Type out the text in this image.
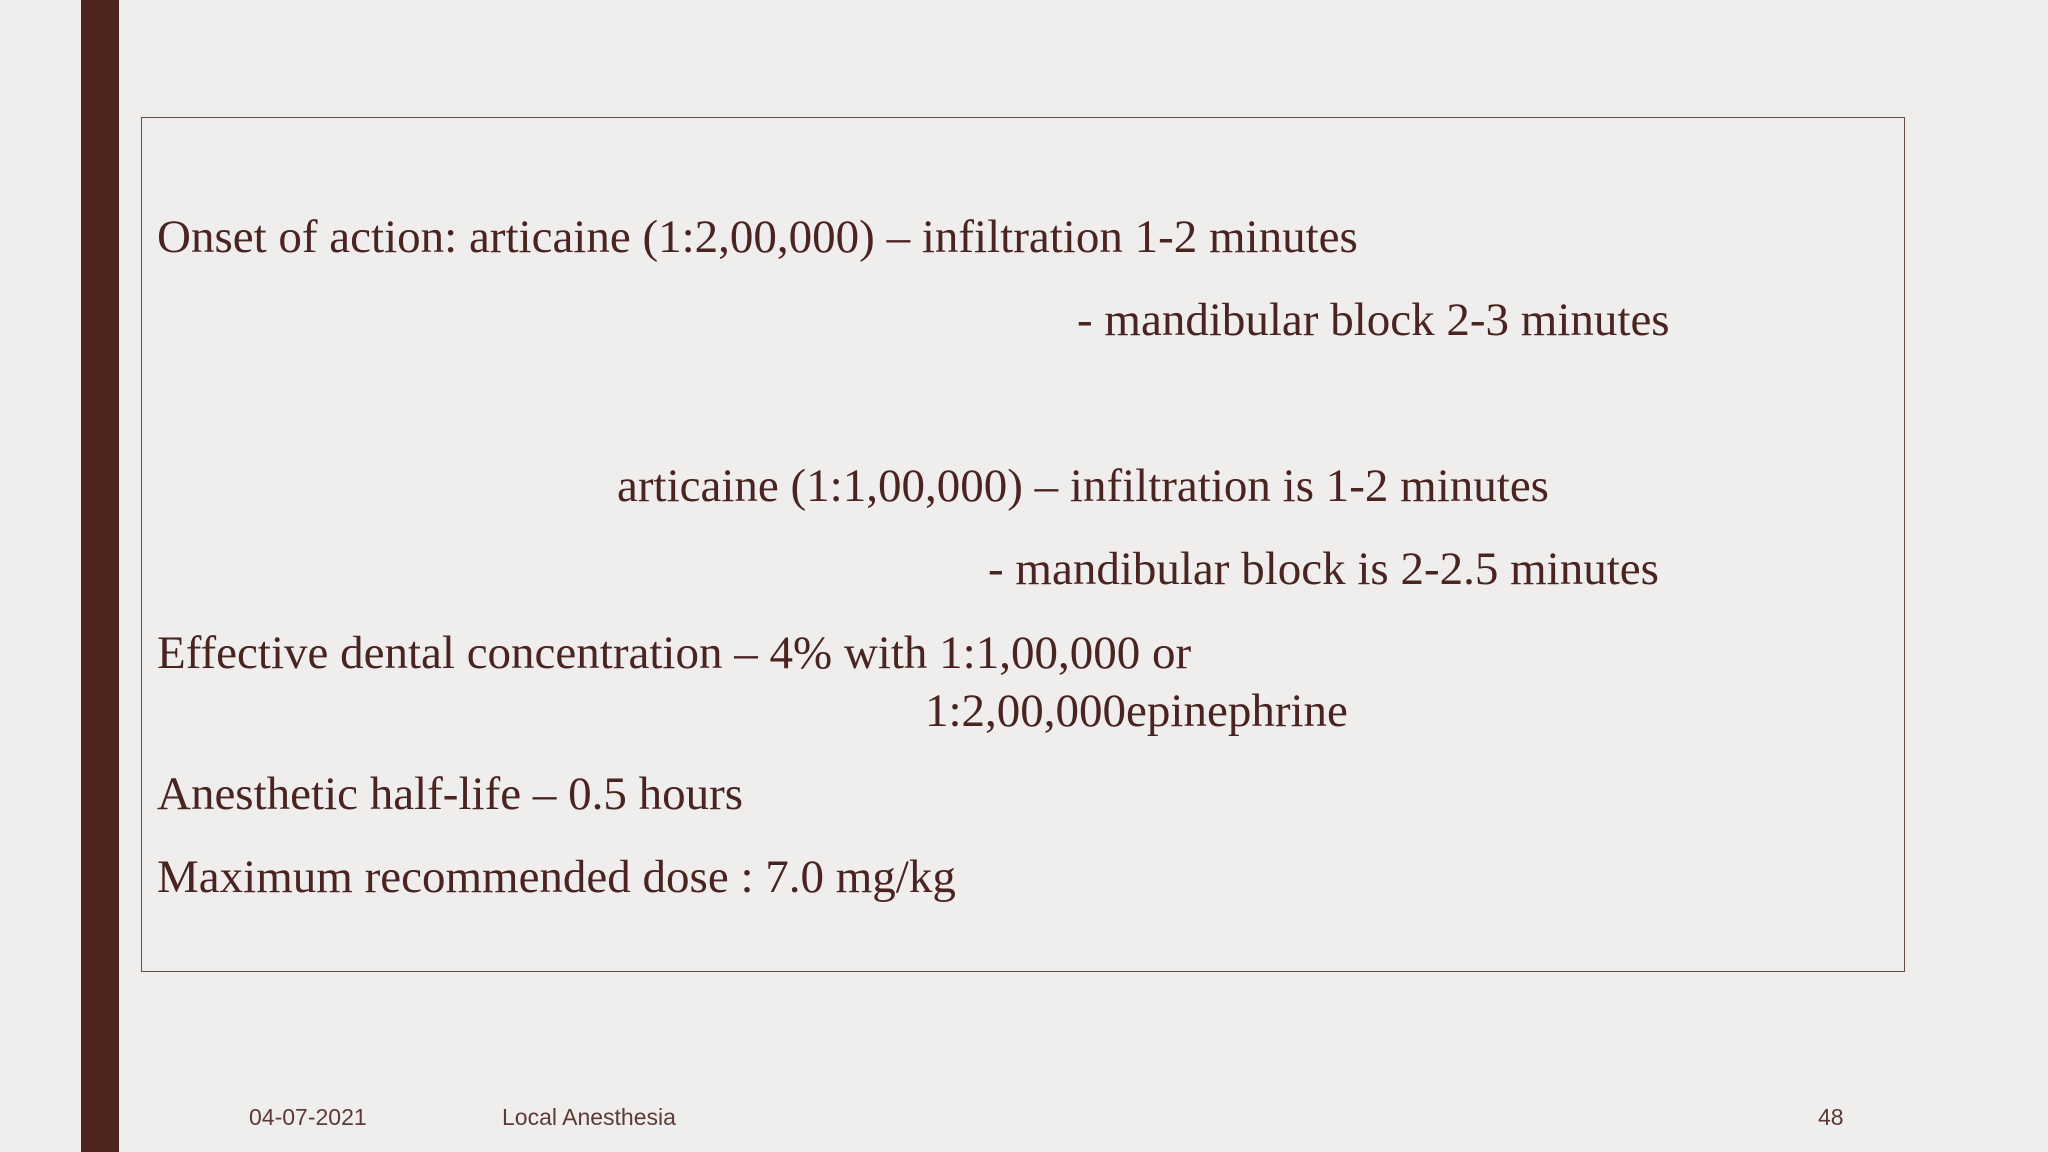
Onset of action: articaine (1:2,00,000) – infiltration 1-2 minutes
- mandibular block 2-3 minutes
articaine (1:1,00,000) – infiltration is 1-2 minutes
- mandibular block is 2-2.5 minutes
Effective dental concentration – 4% with 1:1,00,000 or
1:2,00,000epinephrine
Anesthetic half-life – 0.5 hours
Maximum recommended dose : 7.0 mg/kg
04-07-2021	Local Anesthesia	48
